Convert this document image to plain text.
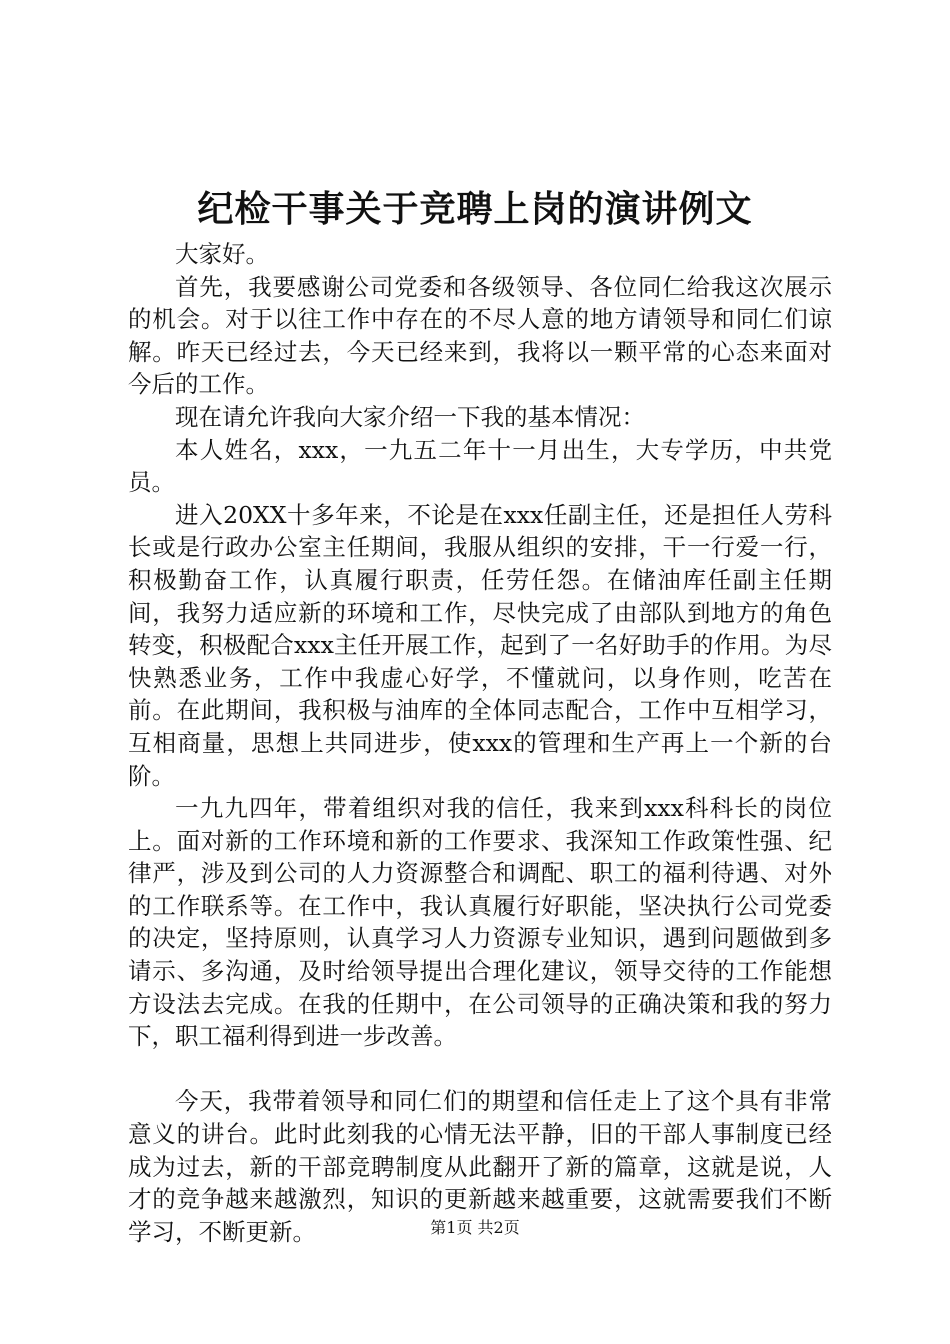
纪检干事关于竞聘上岗的演讲例文

大家好。

首先，我要感谢公司党委和各级领导、各位同仁给我这次展示的机会。对于以往工作中存在的不尽人意的地方请领导和同仁们谅解。昨天已经过去，今天已经来到，我将以一颗平常的心态来面对今后的工作。

现在请允许我向大家介绍一下我的基本情况：

本人姓名，xxx，一九五二年十一月出生，大专学历，中共党员。

进入20XX十多年来，不论是在xxx任副主任，还是担任人劳科长或是行政办公室主任期间，我服从组织的安排，干一行爱一行，积极勤奋工作，认真履行职责，任劳任怨。在储油库任副主任期间，我努力适应新的环境和工作，尽快完成了由部队到地方的角色转变，积极配合xxx主任开展工作，起到了一名好助手的作用。为尽快熟悉业务，工作中我虚心好学，不懂就问，以身作则，吃苦在前。在此期间，我积极与油库的全体同志配合，工作中互相学习，互相商量，思想上共同进步，使xxx的管理和生产再上一个新的台阶。

一九九四年，带着组织对我的信任，我来到xxx科科长的岗位上。面对新的工作环境和新的工作要求、我深知工作政策性强、纪律严，涉及到公司的人力资源整合和调配、职工的福利待遇、对外的工作联系等。在工作中，我认真履行好职能，坚决执行公司党委的决定，坚持原则，认真学习人力资源专业知识，遇到问题做到多请示、多沟通，及时给领导提出合理化建议，领导交待的工作能想方设法去完成。在我的任期中，在公司领导的正确决策和我的努力下，职工福利得到进一步改善。

今天，我带着领导和同仁们的期望和信任走上了这个具有非常意义的讲台。此时此刻我的心情无法平静，旧的干部人事制度已经成为过去，新的干部竞聘制度从此翻开了新的篇章，这就是说，人才的竞争越来越激烈，知识的更新越来越重要，这就需要我们不断学习，不断更新。	第1页 共2页
